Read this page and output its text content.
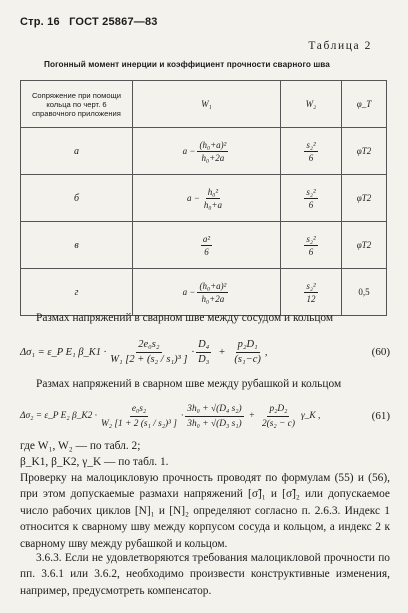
Стр. 16 ГОСТ 25867—83
Таблица 2
Погонный момент инерции и коэффициент прочности сварного шва
Сопряжение при помощи кольца по черт. 6 справочного приложения	W₁	W₂	φ_T
а	$a - \frac{\text{(h₀+a)²}}{\text{h₀+2a}}$	$\frac{\text{s₂²}}{6}$	φT2
б	$a - \frac{\text{h₀²}}{\text{h₀+a}}$	$\frac{\text{s₂²}}{6}$	φT2
в	$\frac{\text{a²}}{6}$	$\frac{\text{s₂²}}{6}$	φT2
г	$a - \frac{\text{(h₀+a)²}}{\text{h₀+2a}}$	$\frac{\text{s₂²}}{12}$	0,5

Размах напряжений в сварном шве между сосудом и кольцом

Δσ₁ = ε_P E₁ β_K1 · $\frac{\text{2e₀s₂}}{\text{W₁ [2 + (s₂ / s₁)³ ]}} \cdot \frac{\text{D₄}}{\text{D₃}} + \frac{\text{p₂D₁}}{\text{(s₁−c)}}$ ,	(60)

Размах напряжений в сварном шве между рубашкой и кольцом

Δσ₂ = ε_P E₂ β_K2 · $\frac{\text{e₀s₂}}{\text{W₂ [1 + 2 (s₁ / s₂)³ ]}} \cdot \frac{\text{3h₀ + √(D₄ s₂)}}{\text{3h₀ + √(D₃ s₁)}} + \frac{\text{p₂D₂}}{\text{2(s₂ − c)}}$ γ_K ,	(61)
где W₁, W₂ — по табл. 2;
β_K1, β_K2, γ_K — по табл. 1.

Проверку на малоцикловую прочность проводят по формулам (55) и (56), при этом допускаемые размахи напряжений [σ̃]₁ и [σ̃]₂ или допускаемое число рабочих циклов [N]₁ и [N]₂ определяют согласно п. 2.6.3. Индекс 1 относится к сварному шву между корпусом сосуда и кольцом, а индекс 2 к сварному шву между рубашкой и кольцом.

3.6.3. Если не удовлетворяются требования малоцикловой прочности по пп. 3.6.1 или 3.6.2, необходимо произвести конструктивные изменения, например, предусмотреть компенсатор.
